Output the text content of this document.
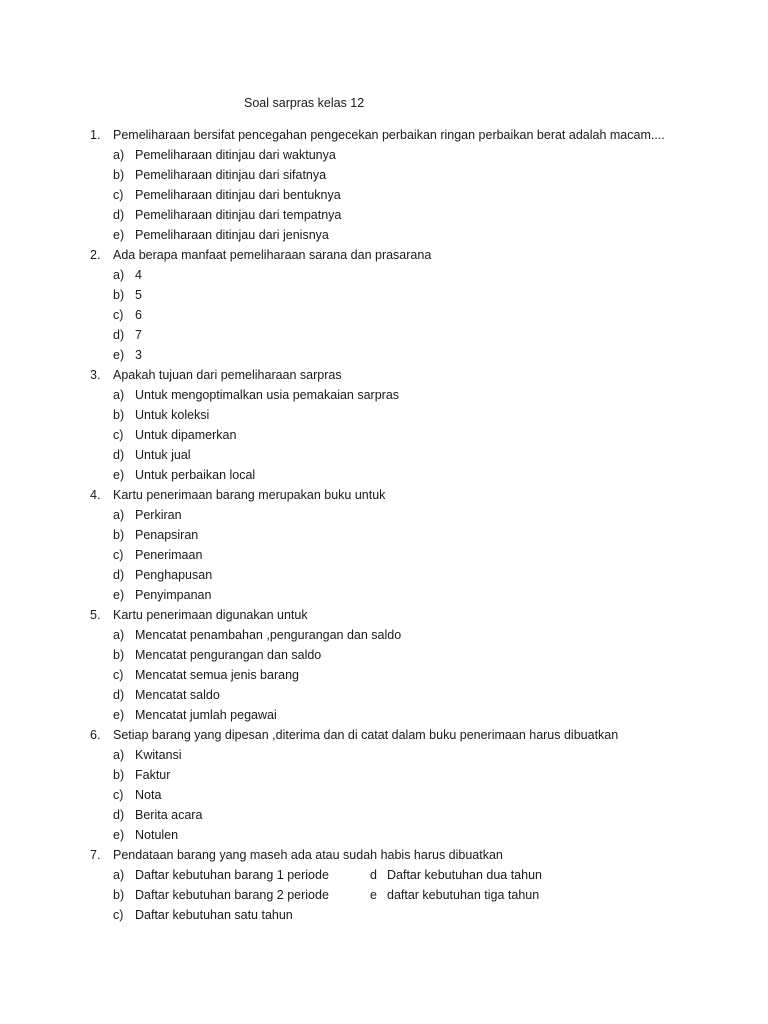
Soal sarpras kelas 12
1. Pemeliharaan bersifat pencegahan pengecekan perbaikan ringan perbaikan berat adalah macam....
a) Pemeliharaan ditinjau dari waktunya
b) Pemeliharaan ditinjau dari sifatnya
c) Pemeliharaan ditinjau dari bentuknya
d) Pemeliharaan ditinjau dari tempatnya
e) Pemeliharaan ditinjau dari jenisnya
2. Ada berapa manfaat pemeliharaan sarana dan prasarana
a) 4
b) 5
c) 6
d) 7
e) 3
3. Apakah tujuan dari pemeliharaan sarpras
a) Untuk mengoptimalkan usia pemakaian sarpras
b) Untuk koleksi
c) Untuk dipamerkan
d) Untuk jual
e) Untuk perbaikan local
4. Kartu penerimaan barang merupakan buku untuk
a) Perkiran
b) Penapsiran
c) Penerimaan
d) Penghapusan
e) Penyimpanan
5. Kartu penerimaan digunakan untuk
a) Mencatat penambahan ,pengurangan dan saldo
b) Mencatat pengurangan dan saldo
c) Mencatat semua jenis barang
d) Mencatat saldo
e) Mencatat jumlah pegawai
6. Setiap barang yang dipesan ,diterima dan di catat dalam buku penerimaan harus dibuatkan
a) Kwitansi
b) Faktur
c) Nota
d) Berita acara
e) Notulen
7. Pendataan barang yang maseh ada atau sudah habis harus dibuatkan
a) Daftar kebutuhan barang 1 periode	d Daftar kebutuhan dua tahun
b) Daftar kebutuhan barang 2 periode	e daftar kebutuhan tiga tahun
c) Daftar kebutuhan satu tahun
